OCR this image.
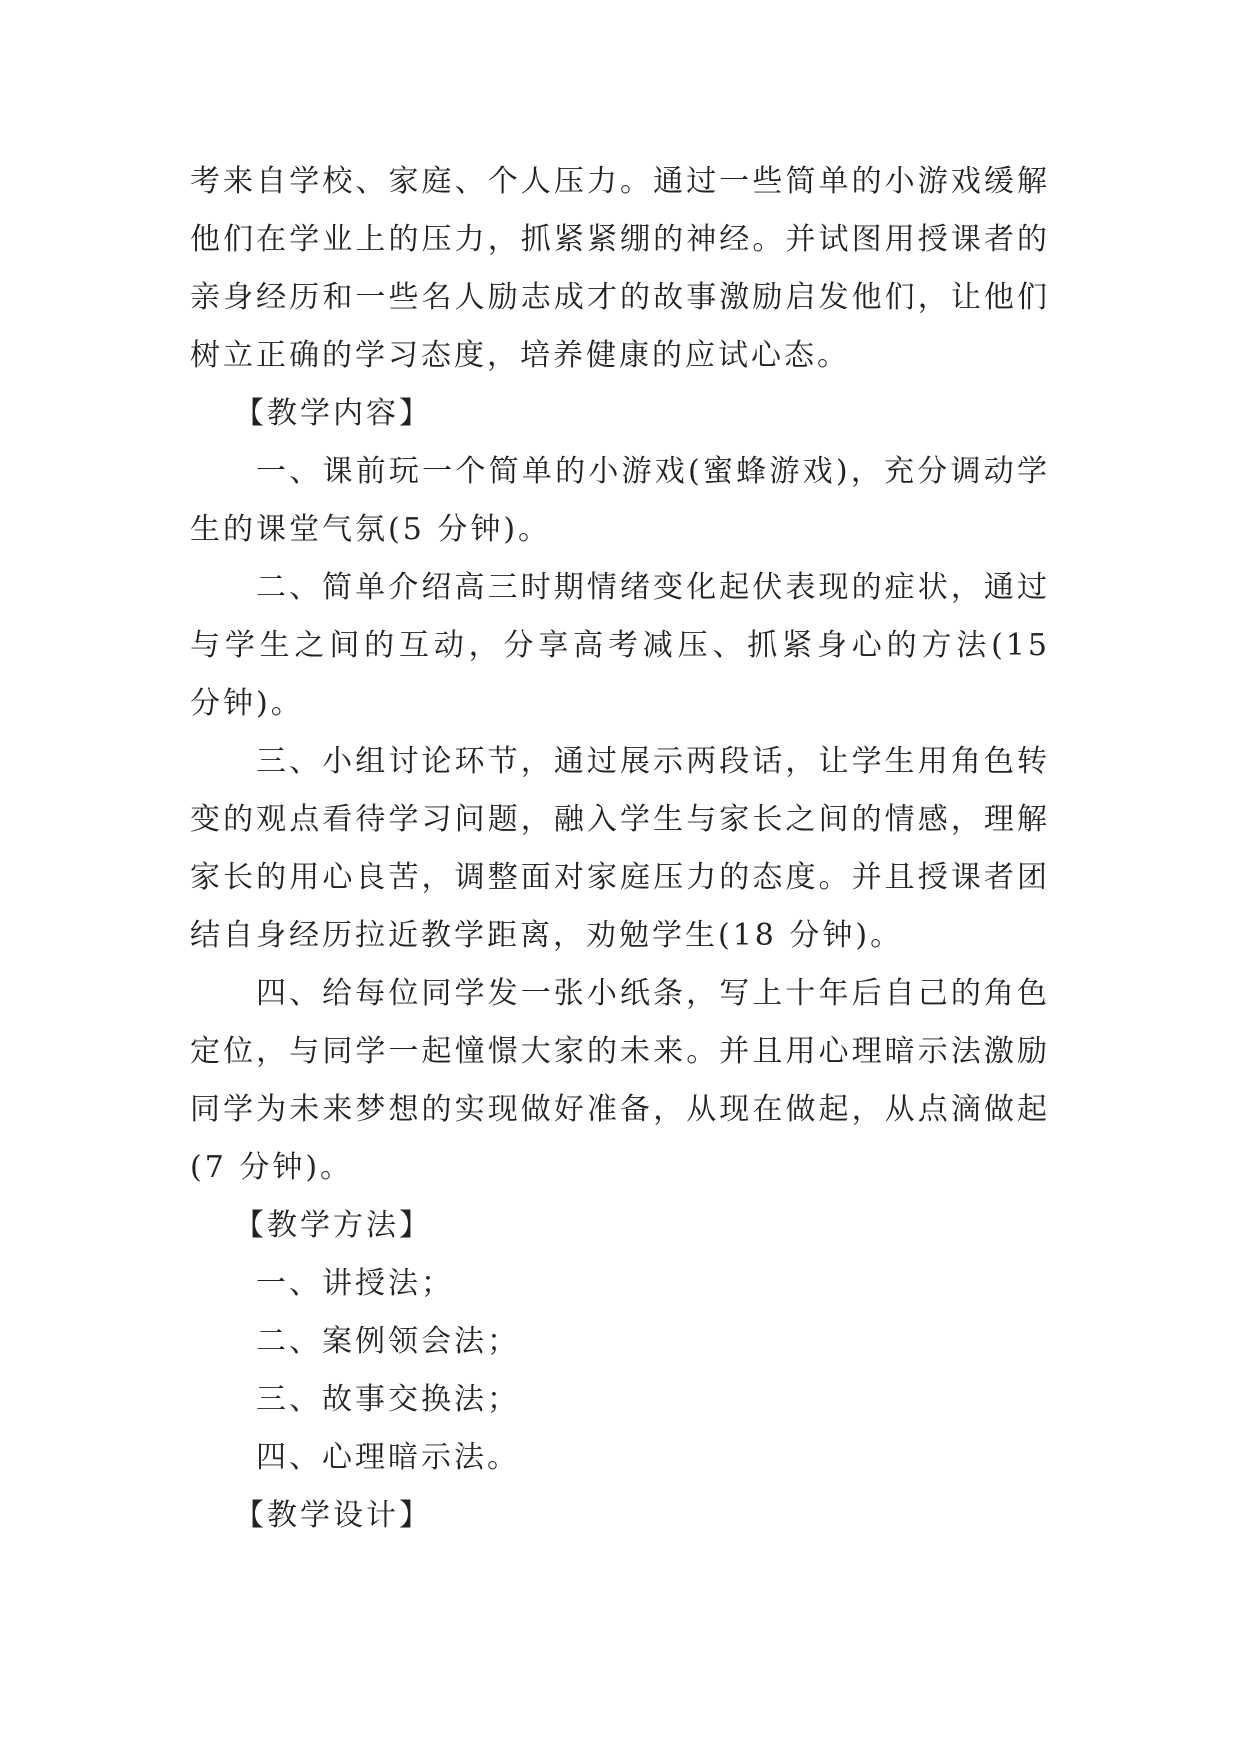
考来自学校、家庭、个人压力。通过一些简单的小游戏缓解他们在学业上的压力，抓紧紧绷的神经。并试图用授课者的亲身经历和一些名人励志成才的故事激励启发他们，让他们树立正确的学习态度，培养健康的应试心态。

【教学内容】

一、课前玩一个简单的小游戏(蜜蜂游戏)，充分调动学生的课堂气氛(5 分钟)。

二、简单介绍高三时期情绪变化起伏表现的症状，通过与学生之间的互动，分享高考减压、抓紧身心的方法(15 分钟)。

三、小组讨论环节，通过展示两段话，让学生用角色转变的观点看待学习问题，融入学生与家长之间的情感，理解家长的用心良苦，调整面对家庭压力的态度。并且授课者团结自身经历拉近教学距离，劝勉学生(18 分钟)。

四、给每位同学发一张小纸条，写上十年后自己的角色定位，与同学一起憧憬大家的未来。并且用心理暗示法激励同学为未来梦想的实现做好准备，从现在做起，从点滴做起(7 分钟)。

【教学方法】

一、讲授法；

二、案例领会法；

三、故事交换法；

四、心理暗示法。

【教学设计】
